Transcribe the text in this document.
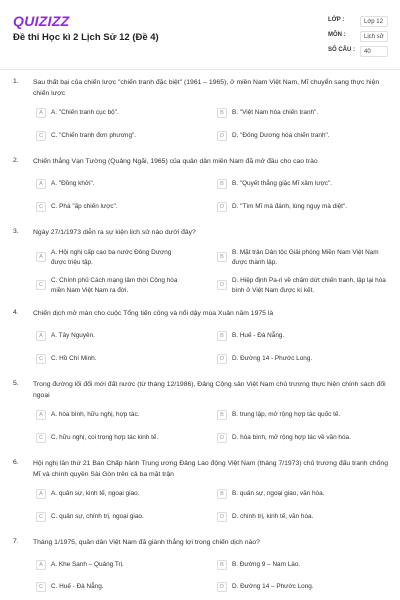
QUIZIZZ
Đề thi Học kì 2 Lịch Sử 12 (Đề 4)
LỚP :	Lớp 12
MÔN :	Lịch sử
SỐ CÂU :	40
1. Sau thất bại của chiến lược "chiến tranh đặc biệt" (1961 – 1965), ở miền Nam Việt Nam, Mĩ chuyển sang thực hiện chiến lược
A	A. "Chiến tranh cục bộ".	B	B. "Việt Nam hóa chiến tranh".
C	C. "Chiến tranh đơn phương".	D	D. "Đông Dương hóa chiến tranh".
2. Chiến thắng Vạn Tường (Quảng Ngãi, 1965) của quân dân miền Nam đã mở đầu cho cao trào
A	A. "Đồng khởi".	B	B. "Quyết thắng giặc Mĩ xâm lược".
C	C. Phá "ấp chiến lược".	D	D. "Tìm Mĩ mà đánh, lùng ngụy mà diệt".
3. Ngày 27/1/1973 diễn ra sự kiện lịch sử nào dưới đây?
A
A. Hội nghị cấp cao ba nước Đông Dương được triệu tập.
B
B. Mặt trận Dân tộc Giải phóng Miền Nam Việt Nam được thành lập.
C
C. Chính phủ Cách mạng lâm thời Cộng hòa miền Nam Việt Nam ra đời.
D
D. Hiệp định Pa-ri về chấm dứt chiến tranh, lập lại hòa bình ở Việt Nam được kí kết.
4. Chiến dịch mở màn cho cuộc Tổng tiến công và nổi dậy mùa Xuân năm 1975 là
A	A. Tây Nguyên.	B	B. Huế - Đà Nẵng.
C	C. Hồ Chí Minh.	D	D. Đường 14 - Phước Long.
5. Trong đường lối đổi mới đất nước (từ tháng 12/1986), Đảng Cộng sản Việt Nam chủ trương thực hiện chính sách đối ngoại
A	A. hòa bình, hữu nghị, hợp tác.	B	B. trung lập, mở rộng hợp tác quốc tế.
C	C. hữu nghị, coi trọng hợp tác kinh tế.	D	D. hòa bình, mở rộng hợp tác về văn hóa.
6. Hội nghị lần thứ 21 Ban Chấp hành Trung ương Đảng Lao động Việt Nam (tháng 7/1973) chủ trương đấu tranh chống Mĩ và chính quyền Sài Gòn trên cả ba mặt trận
A	A. quân sự, kinh tế, ngoại giao.	B	B. quân sự, ngoại giao, văn hóa.
C	C. quân sự, chính trị, ngoại giao.	D	D. chính trị, kinh tế, văn hóa.
7. Tháng 1/1975, quân dân Việt Nam đã giành thắng lợi trong chiến dịch nào?
A	A. Khe Sanh – Quảng Trị.	B	B. Đường 9 – Nam Lào.
C	C. Huế - Đà Nẵng.	D	D. Đường 14 – Phước Long.
